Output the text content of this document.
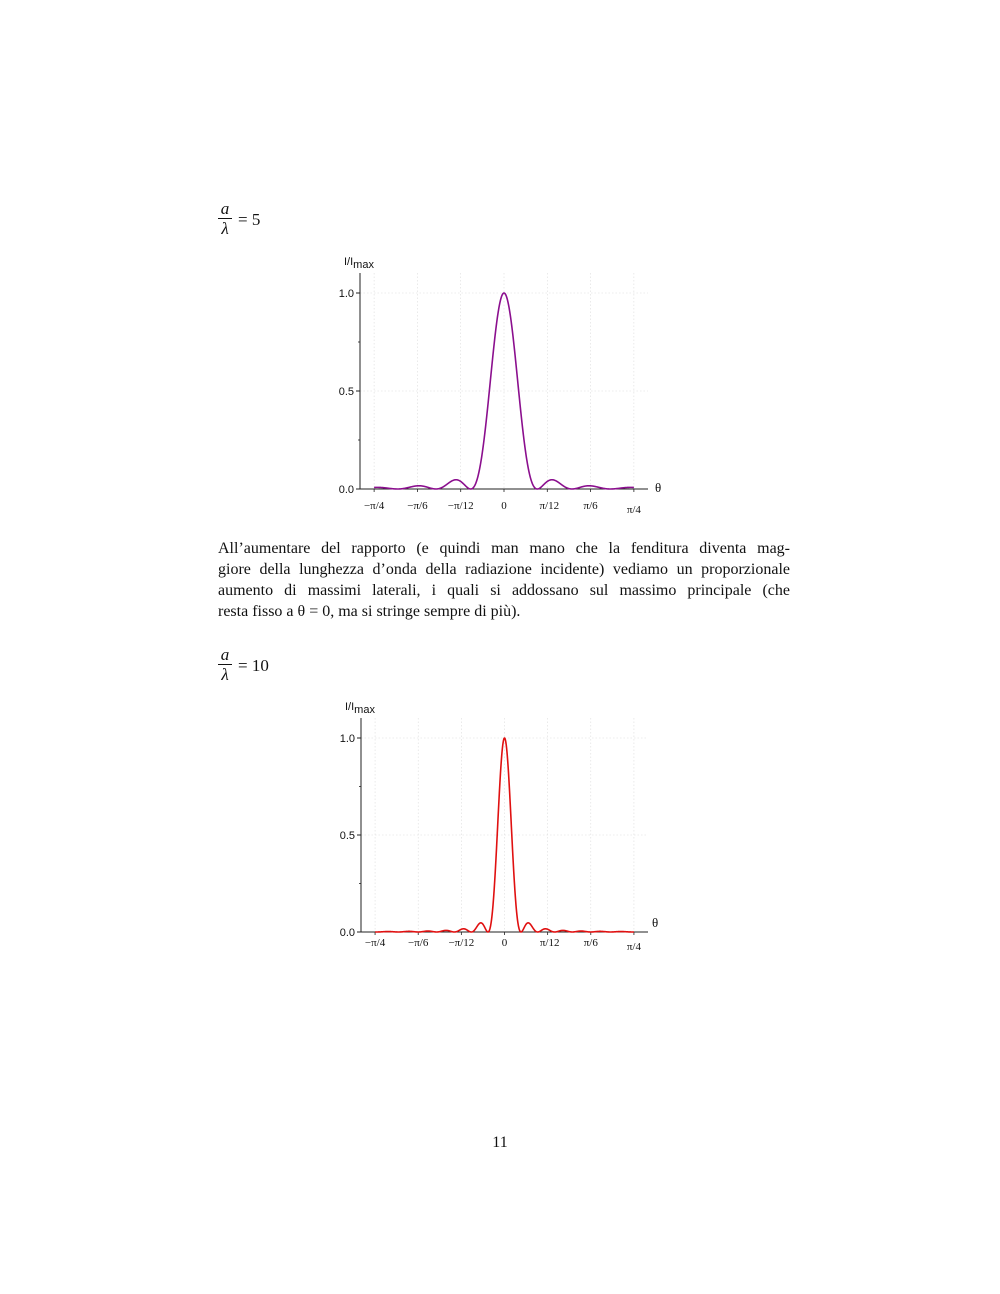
$\frac{a}{\lambda} = 5$
0.0
0.5
1.0
−π/4 −π/6 −π/12	0	π/12 π/6	π/4
I/Imax
θ
All’aumentare del rapporto (e quindi man mano che la fenditura diventa mag-
giore della lunghezza d’onda della radiazione incidente) vediamo un proporzionale
aumento di massimi laterali, i quali si addossano sul massimo principale (che
resta fisso a θ = 0, ma si stringe sempre di più).
$\frac{a}{\lambda} = 10$
0.0
0.5
1.0
−π/4 −π/6 −π/12 0	π/12 π/6	π/4
I/Imax
θ
11
